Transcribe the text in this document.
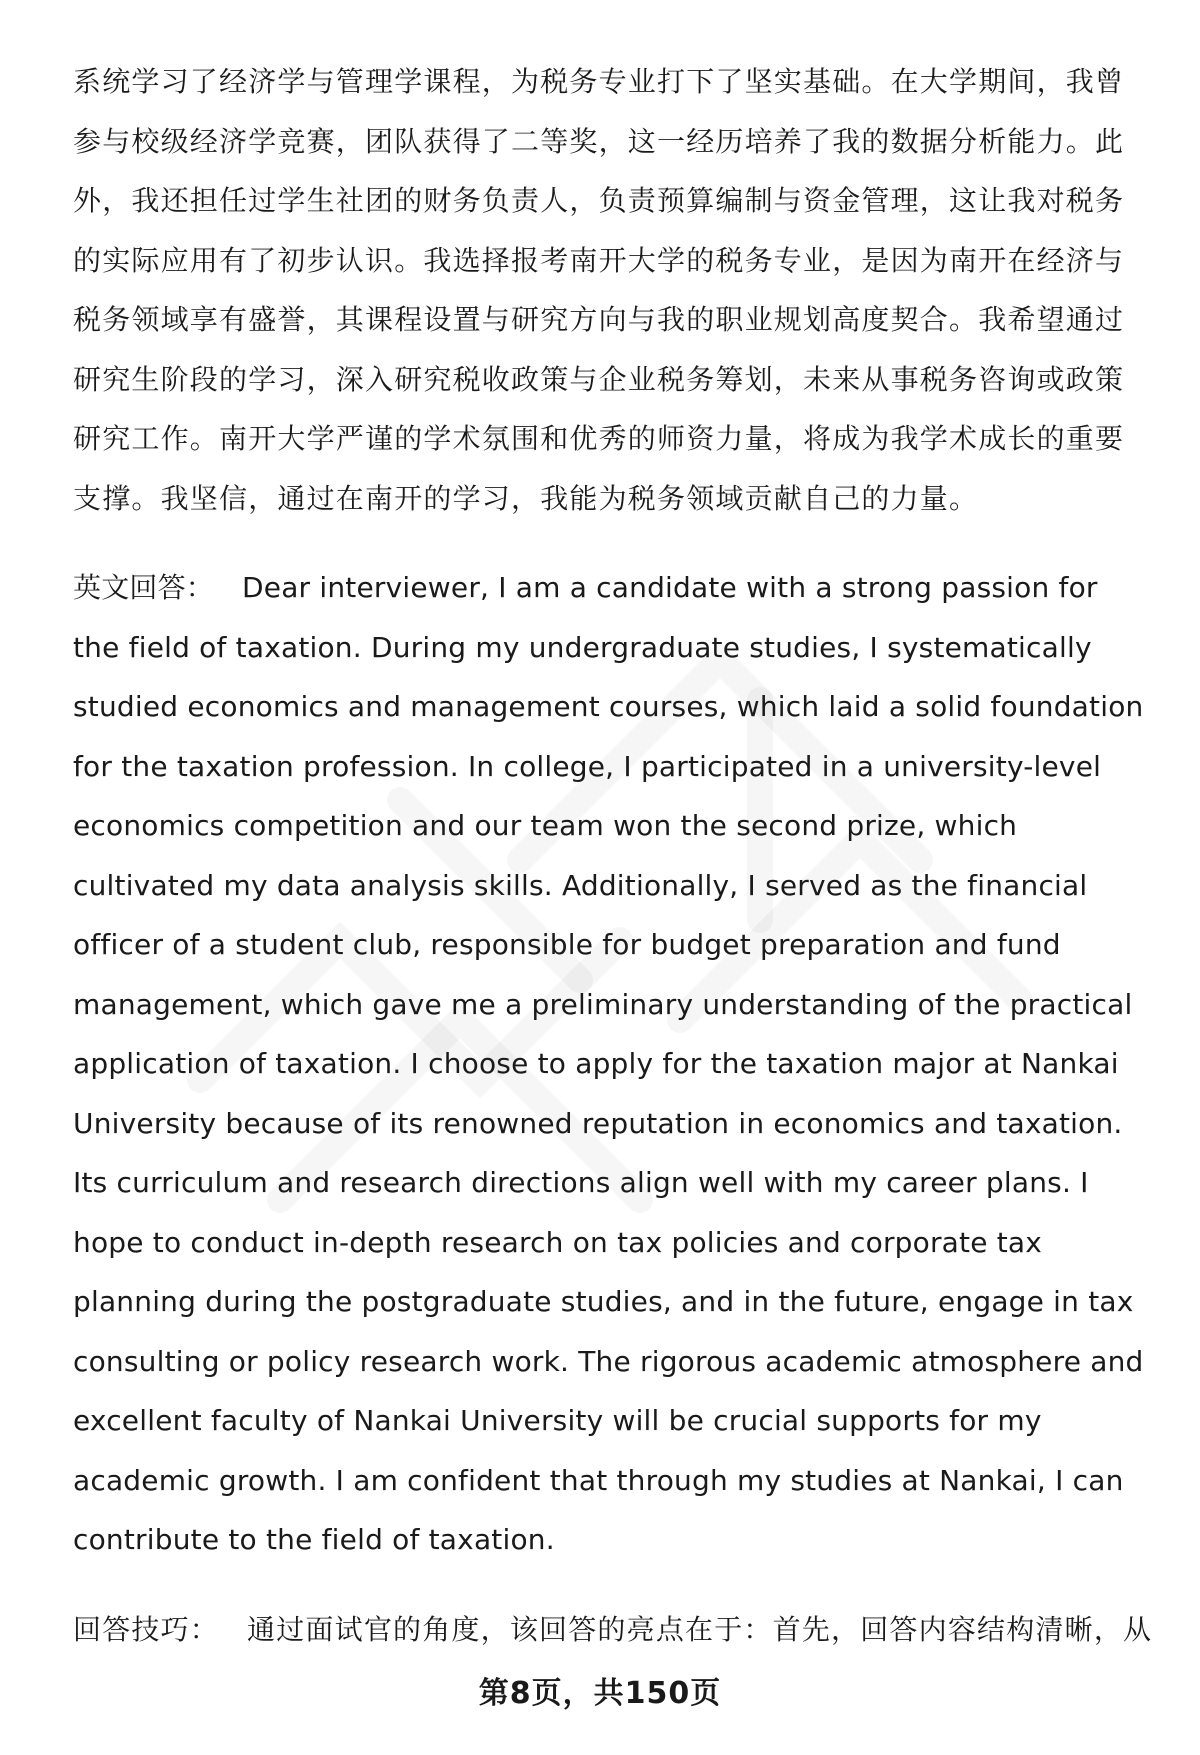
系统学习了经济学与管理学课程，为税务专业打下了坚实基础。在大学期间，我曾参与校级经济学竞赛，团队获得了二等奖，这一经历培养了我的数据分析能力。此外，我还担任过学生社团的财务负责人，负责预算编制与资金管理，这让我对税务的实际应用有了初步认识。我选择报考南开大学的税务专业，是因为南开在经济与税务领域享有盛誉，其课程设置与研究方向与我的职业规划高度契合。我希望通过研究生阶段的学习，深入研究税收政策与企业税务筹划，未来从事税务咨询或政策研究工作。南开大学严谨的学术氛围和优秀的师资力量，将成为我学术成长的重要支撑。我坚信，通过在南开的学习，我能为税务领域贡献自己的力量。

英文回答： Dear interviewer, I am a candidate with a strong passion for the field of taxation. During my undergraduate studies, I systematically studied economics and management courses, which laid a solid foundation for the taxation profession. In college, I participated in a university-level economics competition and our team won the second prize, which cultivated my data analysis skills. Additionally, I served as the financial officer of a student club, responsible for budget preparation and fund management, which gave me a preliminary understanding of the practical application of taxation. I choose to apply for the taxation major at Nankai University because of its renowned reputation in economics and taxation. Its curriculum and research directions align well with my career plans. I hope to conduct in-depth research on tax policies and corporate tax planning during the postgraduate studies, and in the future, engage in tax consulting or policy research work. The rigorous academic atmosphere and excellent faculty of Nankai University will be crucial supports for my academic growth. I am confident that through my studies at Nankai, I can contribute to the field of taxation.

回答技巧： 通过面试官的角度，该回答的亮点在于：首先，回答内容结构清晰，从

第8页，共150页
